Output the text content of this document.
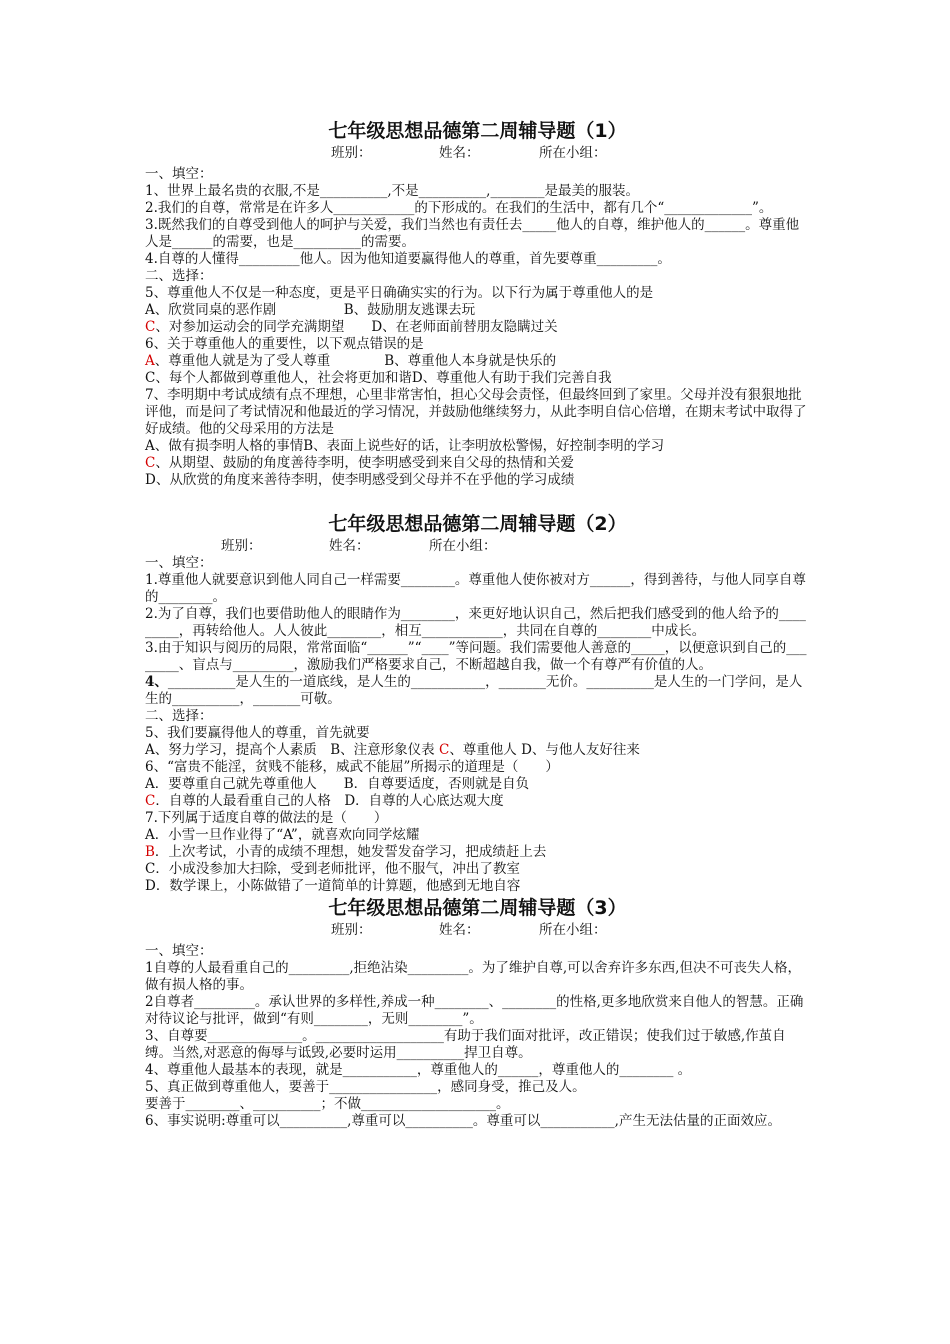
七年级思想品德第二周辅导题（1）
班别：	姓名：	所在小组：

一、填空：

1、世界上最名贵的衣服,不是__________,不是__________,________是最美的服装。

2.我们的自尊，常常是在许多人____________的下形成的。在我们的生活中，都有几个“_____________”。

3.既然我们的自尊受到他人的呵护与关爱，我们当然也有责任去_____他人的自尊，维护他人的______。尊重他人是______的需要，也是__________的需要。

4.自尊的人懂得_________他人。因为他知道要赢得他人的尊重，首先要尊重_________。

二、选择：

5、尊重他人不仅是一种态度，更是平日确确实实的行为。以下行为属于尊重他人的是

A、欣赏同桌的恶作剧　　　　　B、鼓励朋友逃课去玩

C、对参加运动会的同学充满期望　　D、在老师面前替朋友隐瞒过关

6、关于尊重他人的重要性，以下观点错误的是

A、尊重他人就是为了受人尊重　　　　B、尊重他人本身就是快乐的

C、每个人都做到尊重他人，社会将更加和谐D、尊重他人有助于我们完善自我

7、李明期中考试成绩有点不理想，心里非常害怕，担心父母会责怪，但最终回到了家里。父母并没有狠狠地批评他，而是问了考试情况和他最近的学习情况，并鼓励他继续努力，从此李明自信心倍增，在期末考试中取得了好成绩。他的父母采用的方法是

A、做有损李明人格的事情B、表面上说些好的话，让李明放松警惕，好控制李明的学习

C、从期望、鼓励的角度善待李明，使李明感受到来自父母的热情和关爱

D、从欣赏的角度来善待李明，使李明感受到父母并不在乎他的学习成绩

七年级思想品德第二周辅导题（2）
班别：	姓名：	所在小组：

一、填空：

1.尊重他人就要意识到他人同自己一样需要________。尊重他人使你被对方______，得到善待，与他人同享自尊的________。

2.为了自尊，我们也要借助他人的眼睛作为________，来更好地认识自己，然后把我们感受到的他人给予的_________，再转给他人。人人彼此________，相互____________，共同在自尊的________中成长。

3.由于知识与阅历的局限，常常面临“______”“____”等问题。我们需要他人善意的_____，以便意识到自己的________、盲点与_________，激励我们严格要求自己，不断超越自我，做一个有尊严有价值的人。

4、__________是人生的一道底线，是人生的___________，_______无价。__________是人生的一门学问，是人生的__________，_______可敬。

二、选择：

5、我们要赢得他人的尊重，首先就要

A、努力学习，提高个人素质　B、注意形象仪表 C、尊重他人 D、与他人友好往来

6、“富贵不能淫，贫贱不能移，威武不能屈”所揭示的道理是（　　）

A．要尊重自己就先尊重他人　　B．自尊要适度，否则就是自负

C．自尊的人最看重自己的人格　D．自尊的人心底达观大度

7.下列属于适度自尊的做法的是（　　）

A．小雪一旦作业得了“A”，就喜欢向同学炫耀

B．上次考试，小青的成绩不理想，她发誓发奋学习，把成绩赶上去

C．小成没参加大扫除，受到老师批评，他不服气，冲出了教室

D．数学课上，小陈做错了一道简单的计算题，他感到无地自容

七年级思想品德第二周辅导题（3）
班别：	姓名：	所在小组：

一、填空：

1自尊的人最看重自己的_________,拒绝沾染_________。为了维护自尊,可以舍弃许多东西,但决不可丧失人格，做有损人格的事。

2自尊者_________。承认世界的多样性,养成一种________、________的性格,更多地欣赏来自他人的智慧。正确对待议论与批评，做到“有则________，无则________”。

3、自尊要______________。___________________有助于我们面对批评，改正错误；使我们过于敏感,作茧自缚。当然,对恶意的侮辱与诋毁,必要时运用__________捍卫自尊。

4、尊重他人最基本的表现，就是___________，尊重他人的______，尊重他人的________ 。

5、真正做到尊重他人，要善于________________，感同身受，推己及人。

要善于________、__________；不做____________________。

6、事实说明:尊重可以__________,尊重可以__________。尊重可以___________,产生无法估量的正面效应。
